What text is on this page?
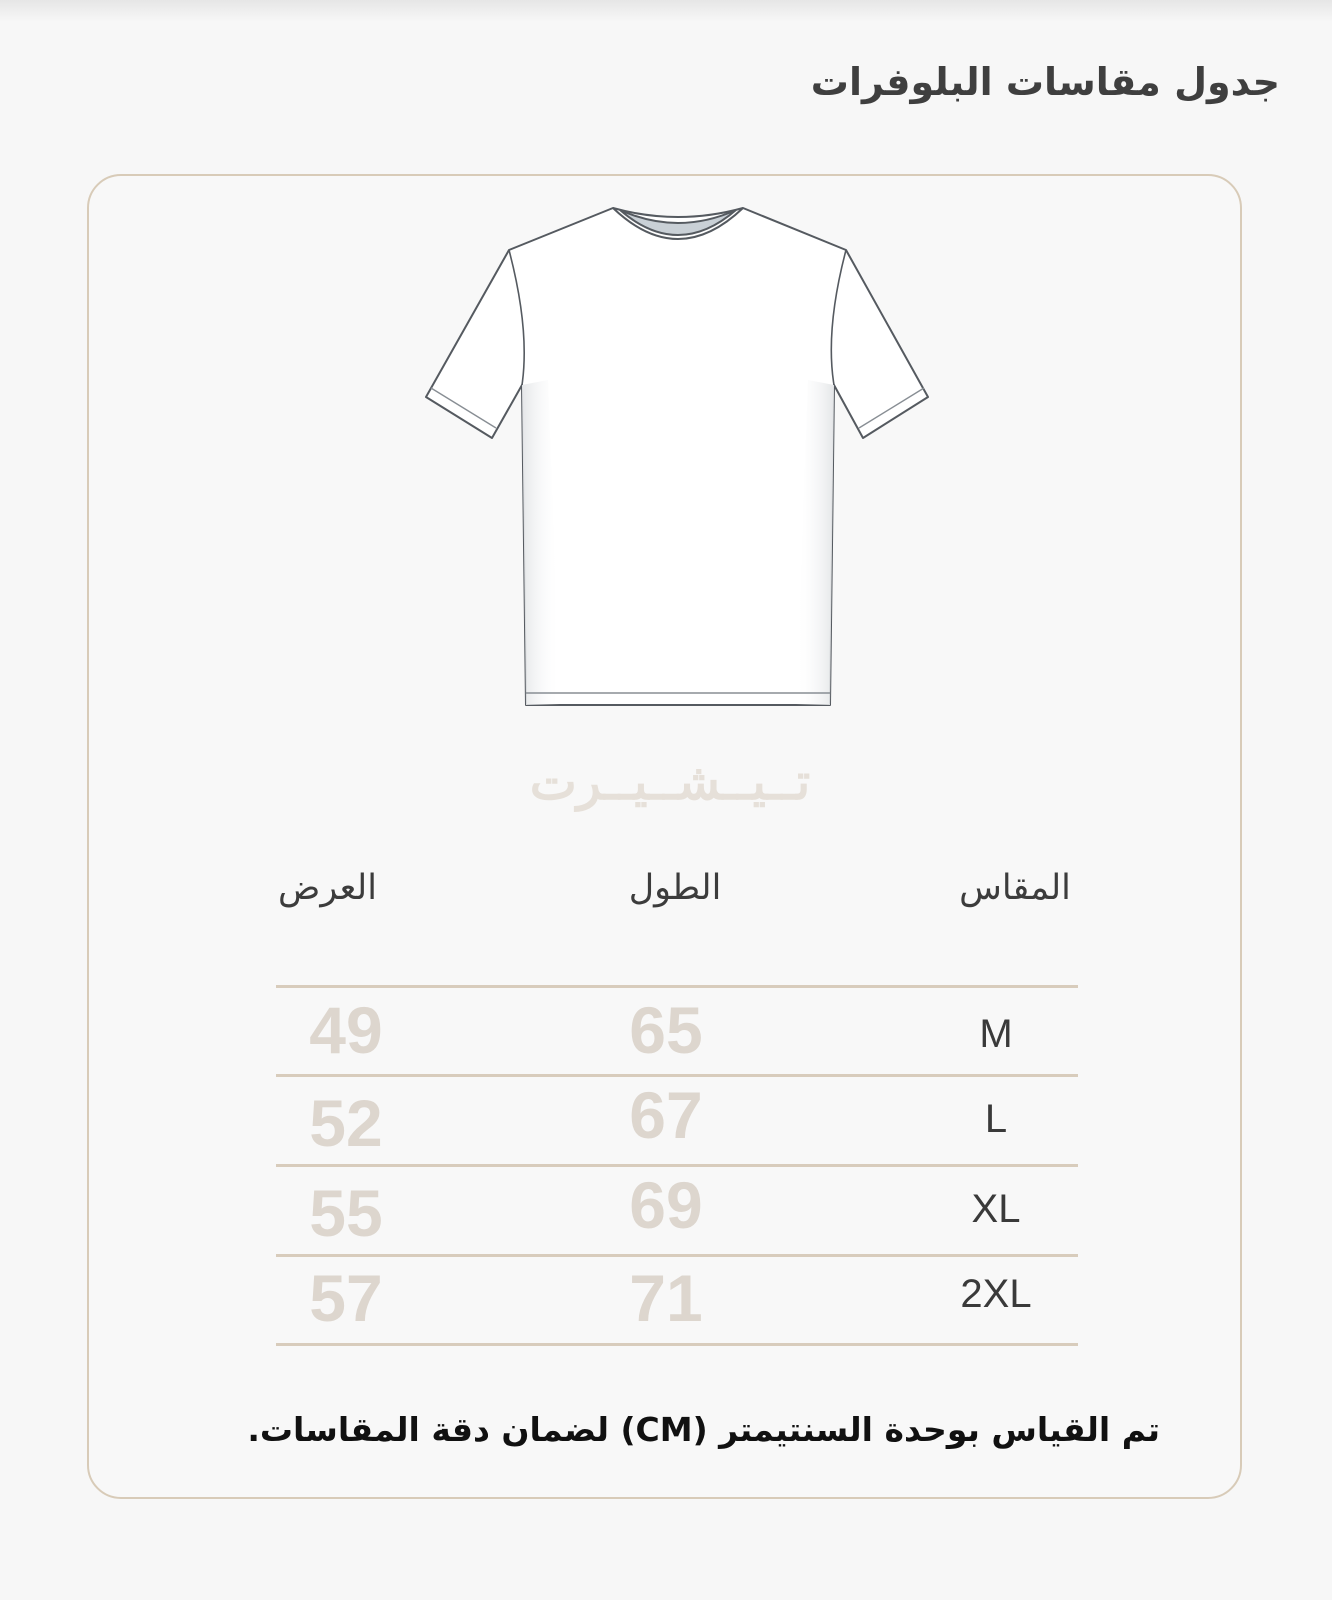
جدول مقاسات البلوفرات
تــيــشــيــرت
العرض	الطول	المقاس
49	65	M
52	67	L
55	69	XL
57	71	2XL
تم القياس بوحدة السنتيمتر (CM) لضمان دقة المقاسات.
